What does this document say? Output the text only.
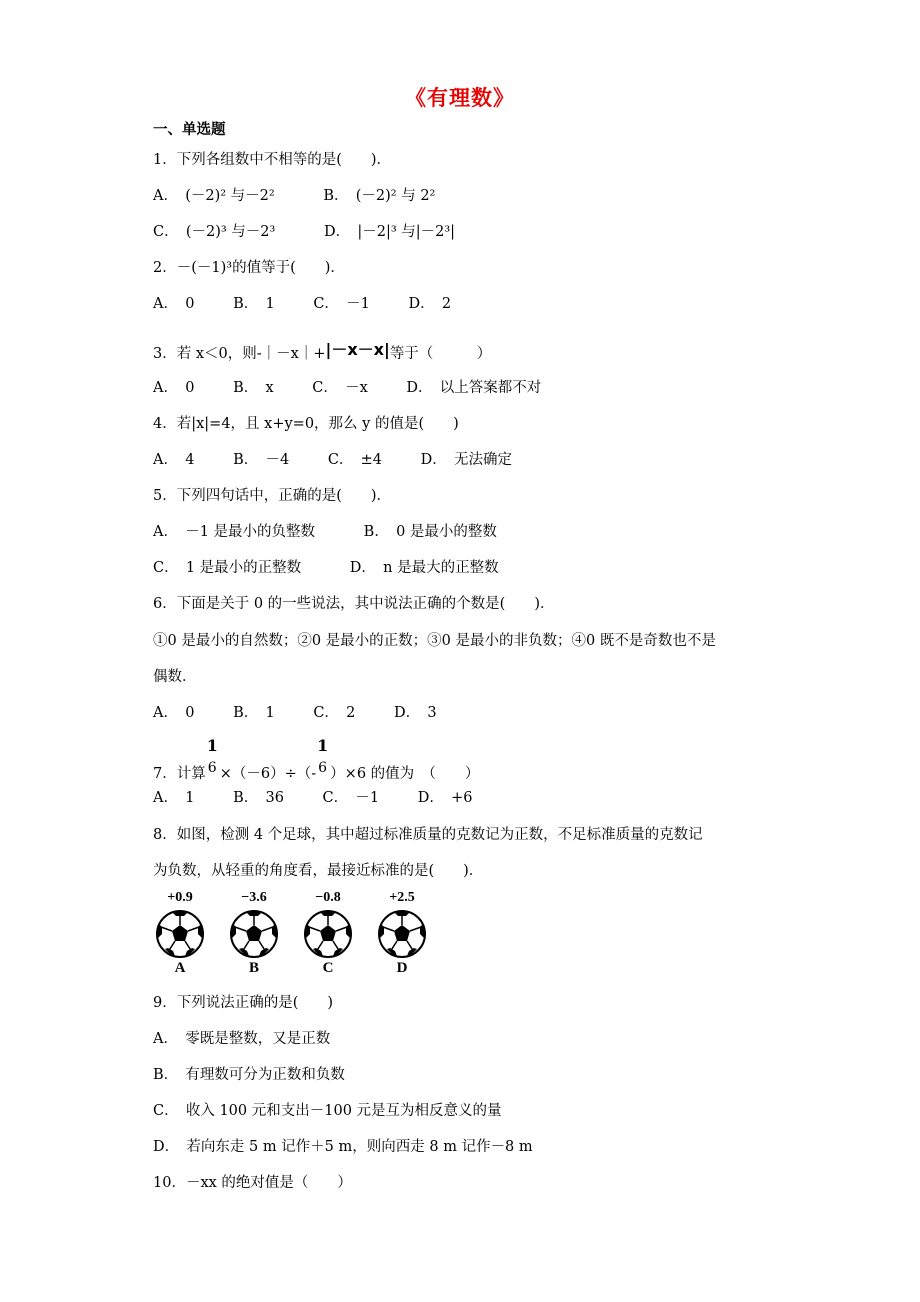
《有理数》
一、单选题
1．下列各组数中不相等的是(　　)．
A．　(－2)² 与－2²	B．　(－2)² 与 2²
C．　(－2)³ 与－2³	D．　|－2|³ 与|－2³|
2．－(－1)³的值等于(　　)．
A．　0	B．　1	C．　－1	D．　2
3．若 x＜0，则-｜－x｜+|－x－x|等于（　　　）
A．　0	B．　x	C．　－x	D．　以上答案都不对
4．若|x|=4，且 x+y=0，那么 y 的值是(　　)
A．　4	B．　－4	C．　±4	D．　无法确定
5．下列四句话中，正确的是(　　)．
A．　－1 是最小的负整数	B．　0 是最小的整数
C．　1 是最小的正整数	D．　n 是最大的正整数
6．下面是关于 0 的一些说法，其中说法正确的个数是(　　)．
①0 是最小的自然数；②0 是最小的正数；③0 是最小的非负数；④0 既不是奇数也不是
偶数．
A．　0	B．　1	C．　2	D．　3
7．计算
1
6 ×（－6）÷（-
1
6 ）×6 的值为　（　　）
A．　1	B．　36	C．　－1	D．　+6
8．如图，检测 4 个足球，其中超过标准质量的克数记为正数，不足标准质量的克数记
为负数，从轻重的角度看，最接近标准的是(　　)．
+0.9
A
−3.6
B
−0.8
C
+2.5
D
9．下列说法正确的是(　　)
A．　零既是整数，又是正数
B．　有理数可分为正数和负数
C．　收入 100 元和支出－100 元是互为相反意义的量
D．　若向东走 5 m 记作＋5 m，则向西走 8 m 记作－8 m
10．－xx 的绝对值是（　　）
